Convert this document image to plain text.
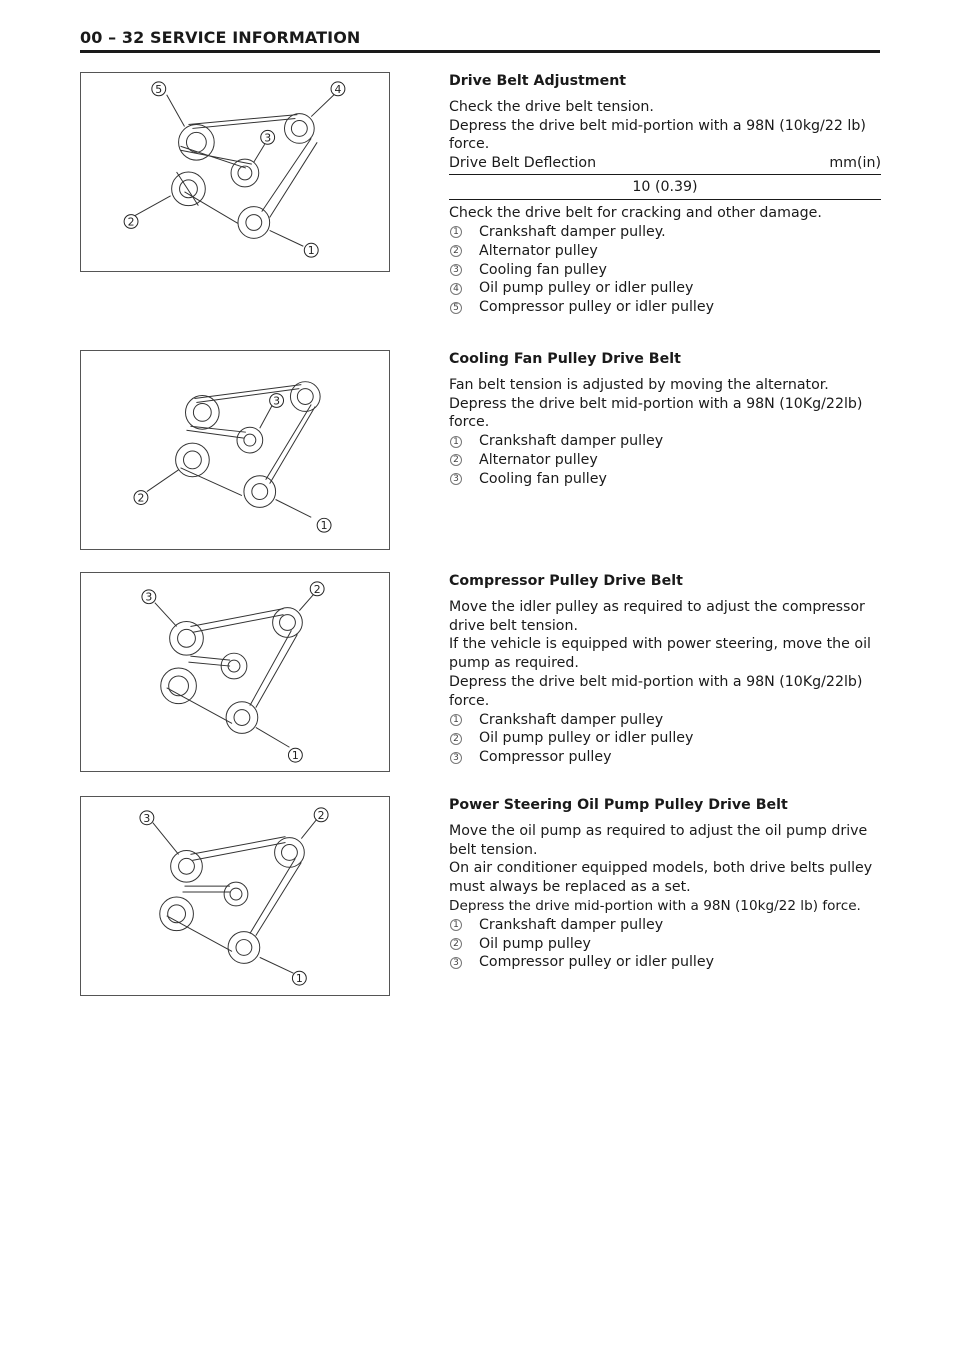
00 – 32 SERVICE INFORMATION
5	4
3
2
1
3
2
1
3
2
1
3	2
1
Drive Belt Adjustment

Check the drive belt tension.

Depress the drive belt mid-portion with a 98N (10kg/22 lb) force.

Drive Belt Deflection	mm(in)
10 (0.39)

Check the drive belt for cracking and other damage.

1 Crankshaft damper pulley.
2 Alternator pulley
3 Cooling fan pulley
4 Oil pump pulley or idler pulley
5 Compressor pulley or idler pulley
Cooling Fan Pulley Drive Belt

Fan belt tension is adjusted by moving the alternator.

Depress the drive belt mid-portion with a 98N (10Kg/22lb) force.

1 Crankshaft damper pulley
2 Alternator pulley
3 Cooling fan pulley
Compressor Pulley Drive Belt

Move the idler pulley as required to adjust the compressor drive belt tension.

If the vehicle is equipped with power steering, move the oil pump as required.

Depress the drive belt mid-portion with a 98N (10Kg/22lb) force.

1 Crankshaft damper pulley
2 Oil pump pulley or idler pulley
3 Compressor pulley
Power Steering Oil Pump Pulley Drive Belt

Move the oil pump as required to adjust the oil pump drive belt tension.

On air conditioner equipped models, both drive belts pulley must always be replaced as a set.

Depress the drive mid-portion with a 98N (10kg/22 lb) force.

1 Crankshaft damper pulley
2 Oil pump pulley
3 Compressor pulley or idler pulley
